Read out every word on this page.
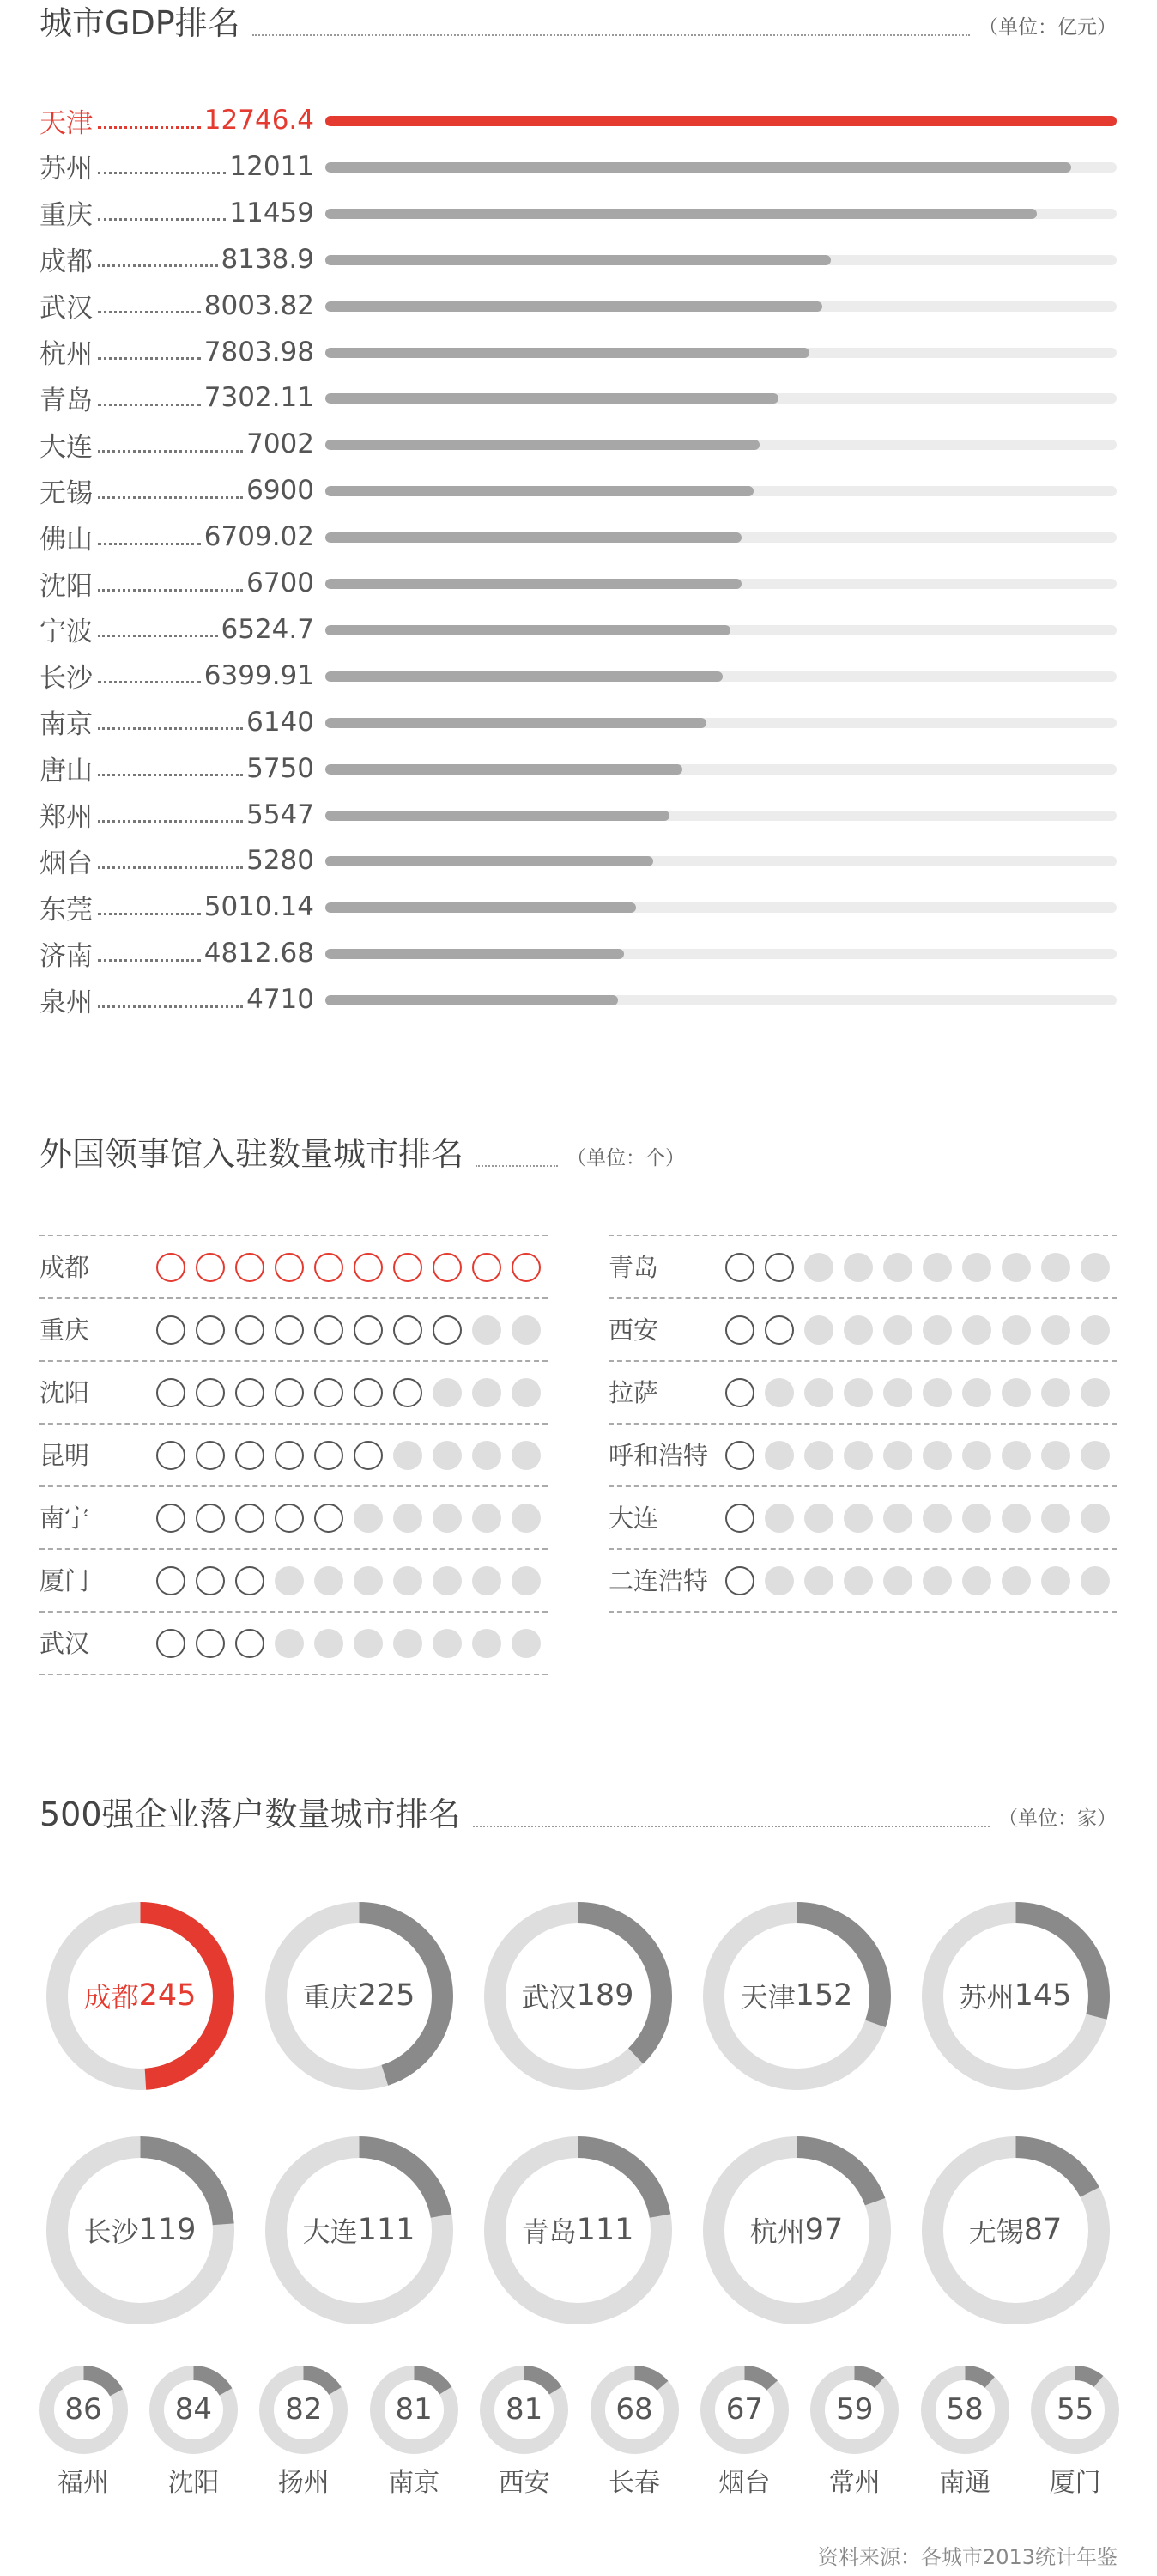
城市GDP排名	（单位：亿元）
天津	12746.4
苏州	12011
重庆	11459
成都	8138.9
武汉	8003.82
杭州	7803.98
青岛	7302.11
大连	7002
无锡	6900
佛山	6709.02
沈阳	6700
宁波	6524.7
长沙	6399.91
南京	6140
唐山	5750
郑州	5547
烟台	5280
东莞	5010.14
济南	4812.68
泉州	4710
外国领事馆入驻数量城市排名	（单位：个）
成都
重庆
沈阳
昆明
南宁
厦门
武汉
青岛
西安
拉萨
呼和浩特
大连
二连浩特
500强企业落户数量城市排名	（单位：家）
成都 245	重庆 225	武汉 189	天津 152	苏州 145
长沙 119	大连 111	青岛 111	杭州 97	无锡 87
86
福州
84
沈阳
82
扬州
81
南京
81
西安
68
长春
67
烟台
59
常州
58
南通
55
厦门
资料来源：各城市2013统计年鉴
